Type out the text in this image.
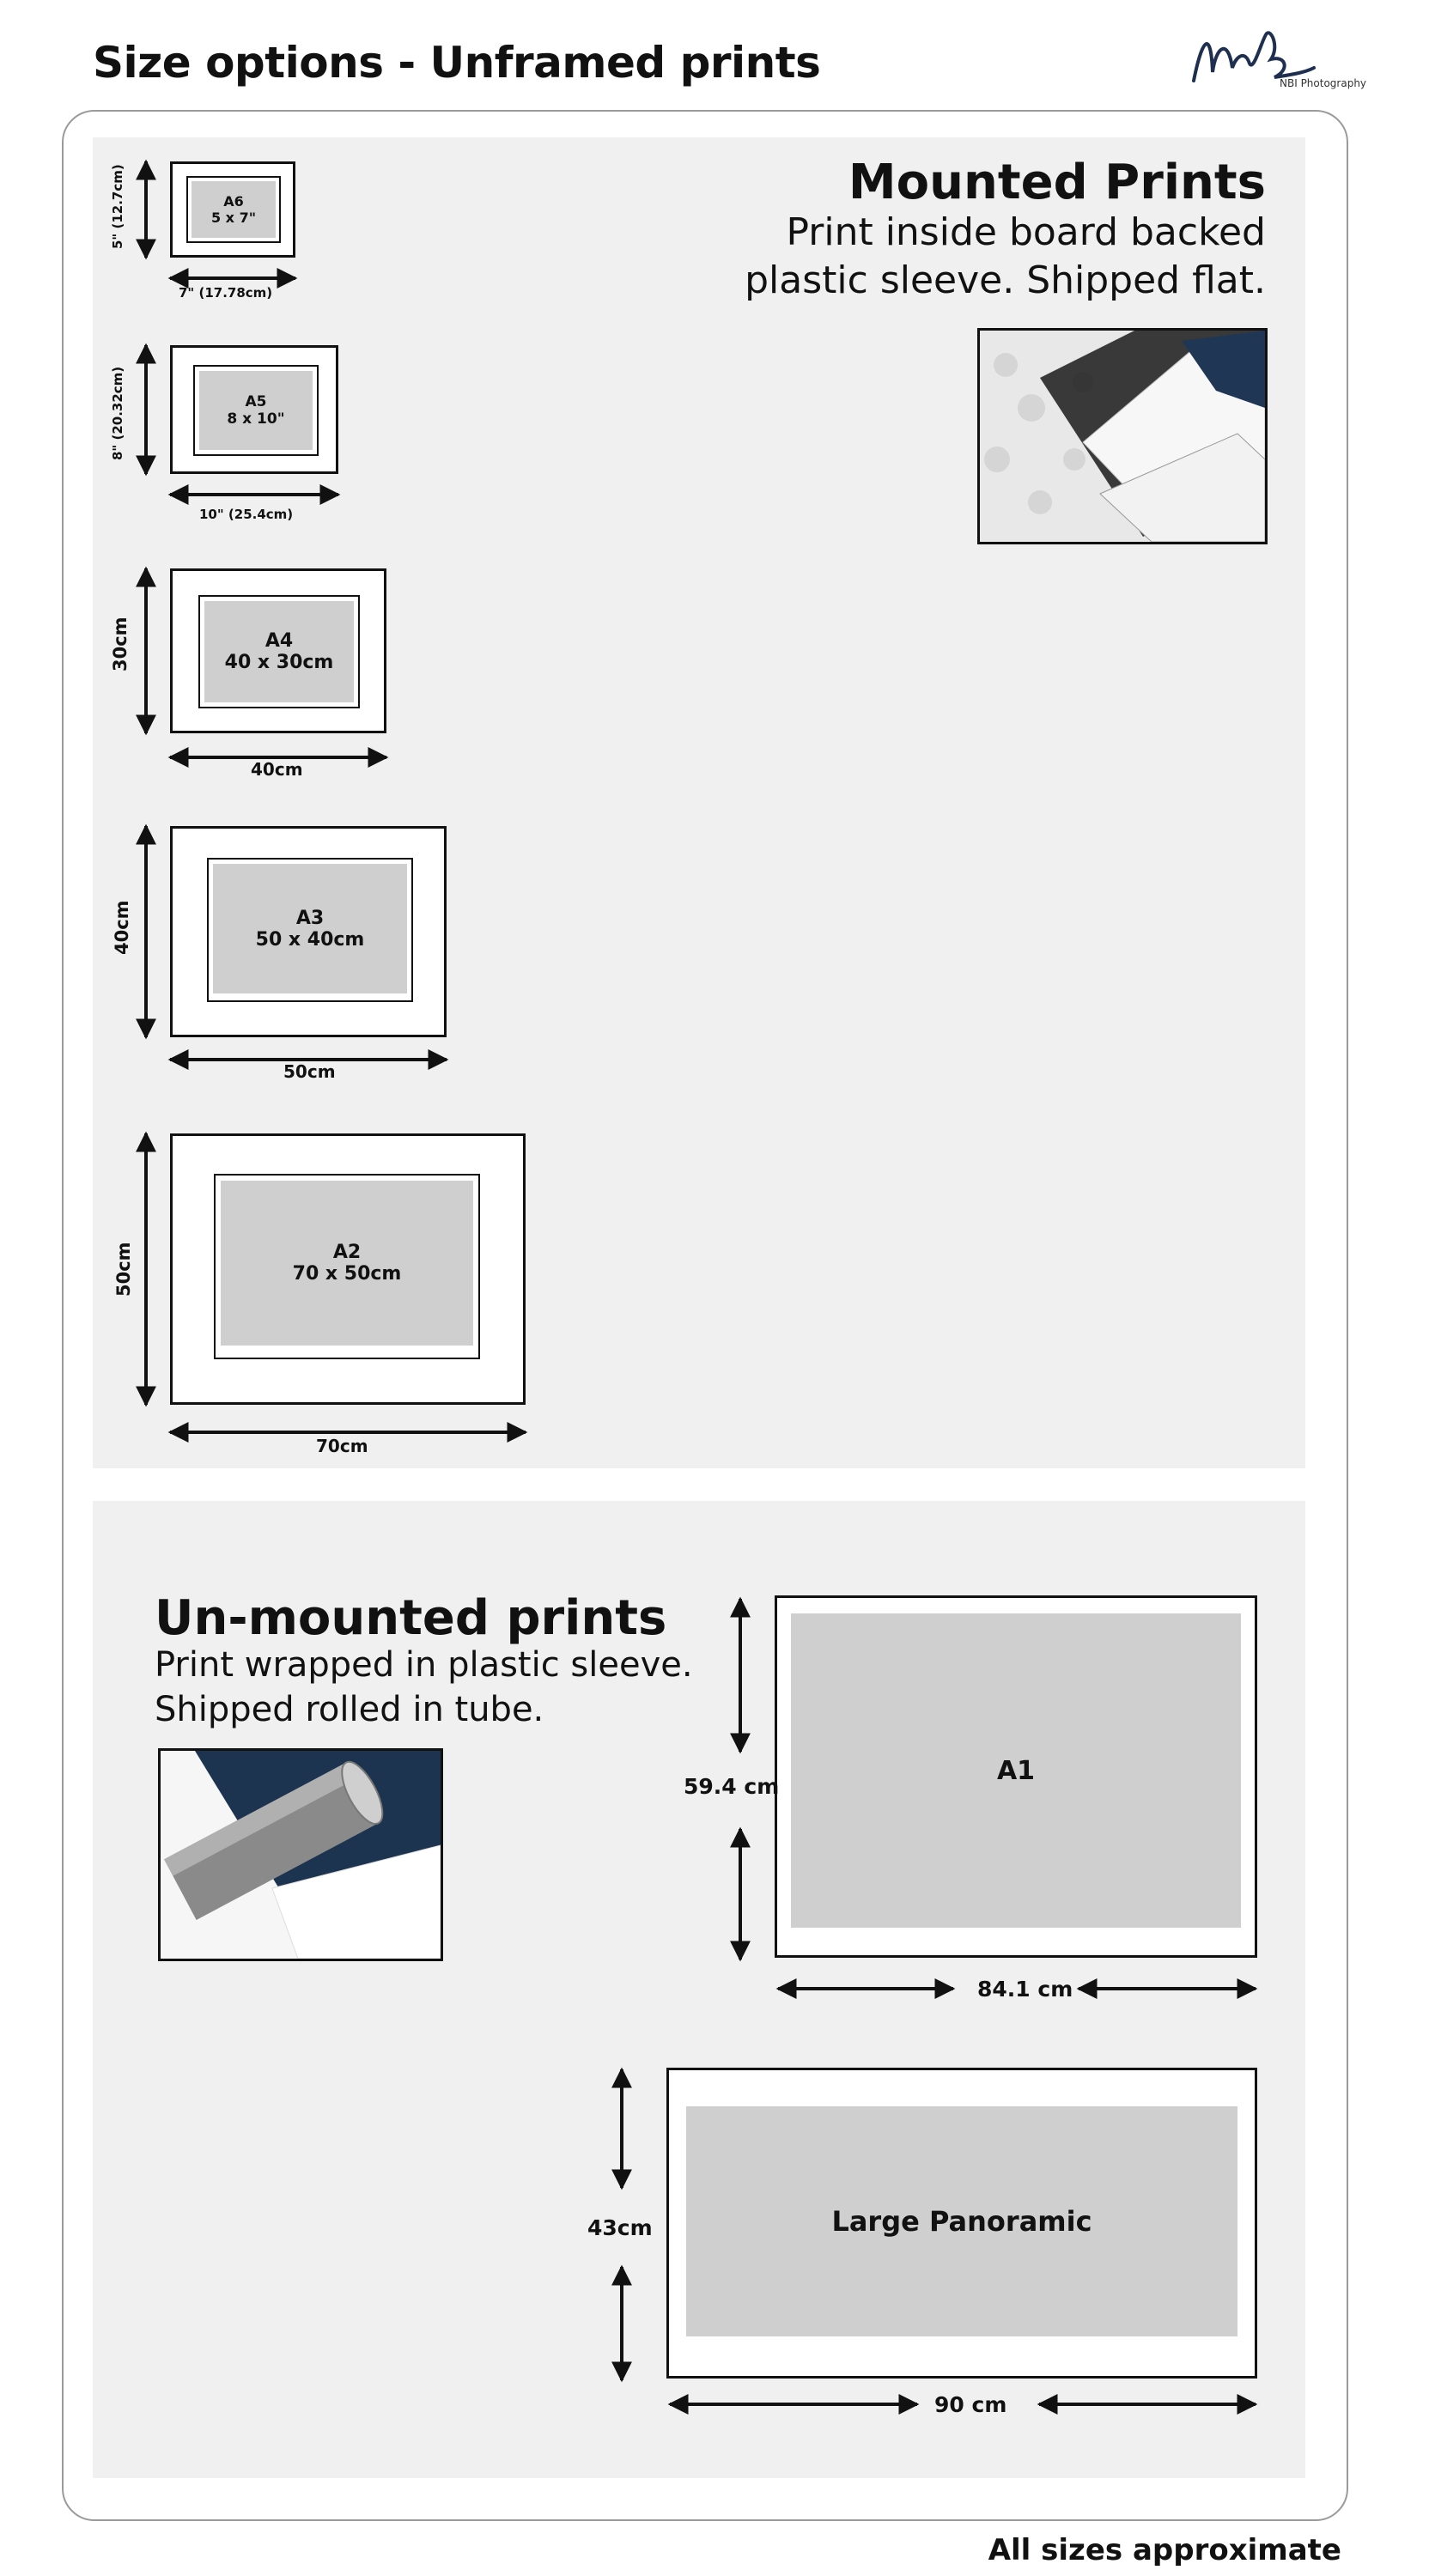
Size options - Unframed prints	NBI Photography
Mounted Prints
Print inside board backed plastic sleeve. Shipped flat.
A6
5 x 7"
A5
8 x 10"
A4
40 x 30cm
A3
50 x 40cm
A2
70 x 50cm
5" (12.7cm)
8" (20.32cm)
30cm
40cm
50cm
7" (17.78cm)
10" (25.4cm)
40cm
50cm
70cm
Un-mounted prints
Print wrapped in plastic sleeve. Shipped rolled in tube.
A1
59.4 cm
84.1 cm
Large Panoramic
43cm
90 cm
All sizes approximate
